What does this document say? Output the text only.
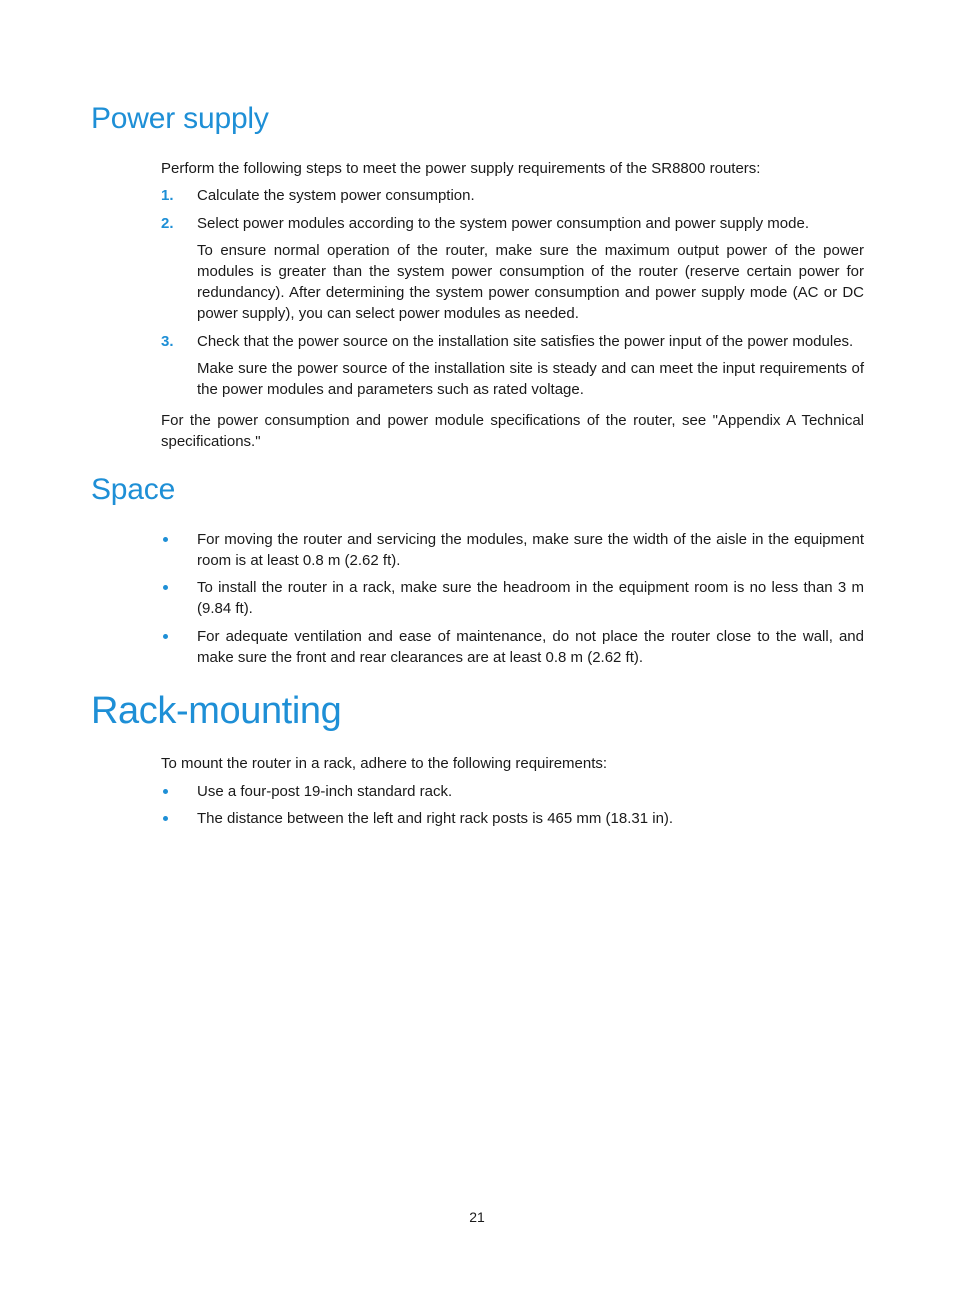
Power supply

Perform the following steps to meet the power supply requirements of the SR8800 routers:

1.	Calculate the system power consumption.
2.	Select power modules according to the system power consumption and power supply mode.

To ensure normal operation of the router, make sure the maximum output power of the power modules is greater than the system power consumption of the router (reserve certain power for redundancy). After determining the system power consumption and power supply mode (AC or DC power supply), you can select power modules as needed.

3.	Check that the power source on the installation site satisfies the power input of the power modules.

Make sure the power source of the installation site is steady and can meet the input requirements of the power modules and parameters such as rated voltage.

For the power consumption and power module specifications of the router, see "Appendix A Technical specifications."

Space
For moving the router and servicing the modules, make sure the width of the aisle in the equipment room is at least 0.8 m (2.62 ft).
To install the router in a rack, make sure the headroom in the equipment room is no less than 3 m (9.84 ft).
For adequate ventilation and ease of maintenance, do not place the router close to the wall, and make sure the front and rear clearances are at least 0.8 m (2.62 ft).
Rack-mounting

To mount the router in a rack, adhere to the following requirements:

Use a four-post 19-inch standard rack.
The distance between the left and right rack posts is 465 mm (18.31 in).
21
